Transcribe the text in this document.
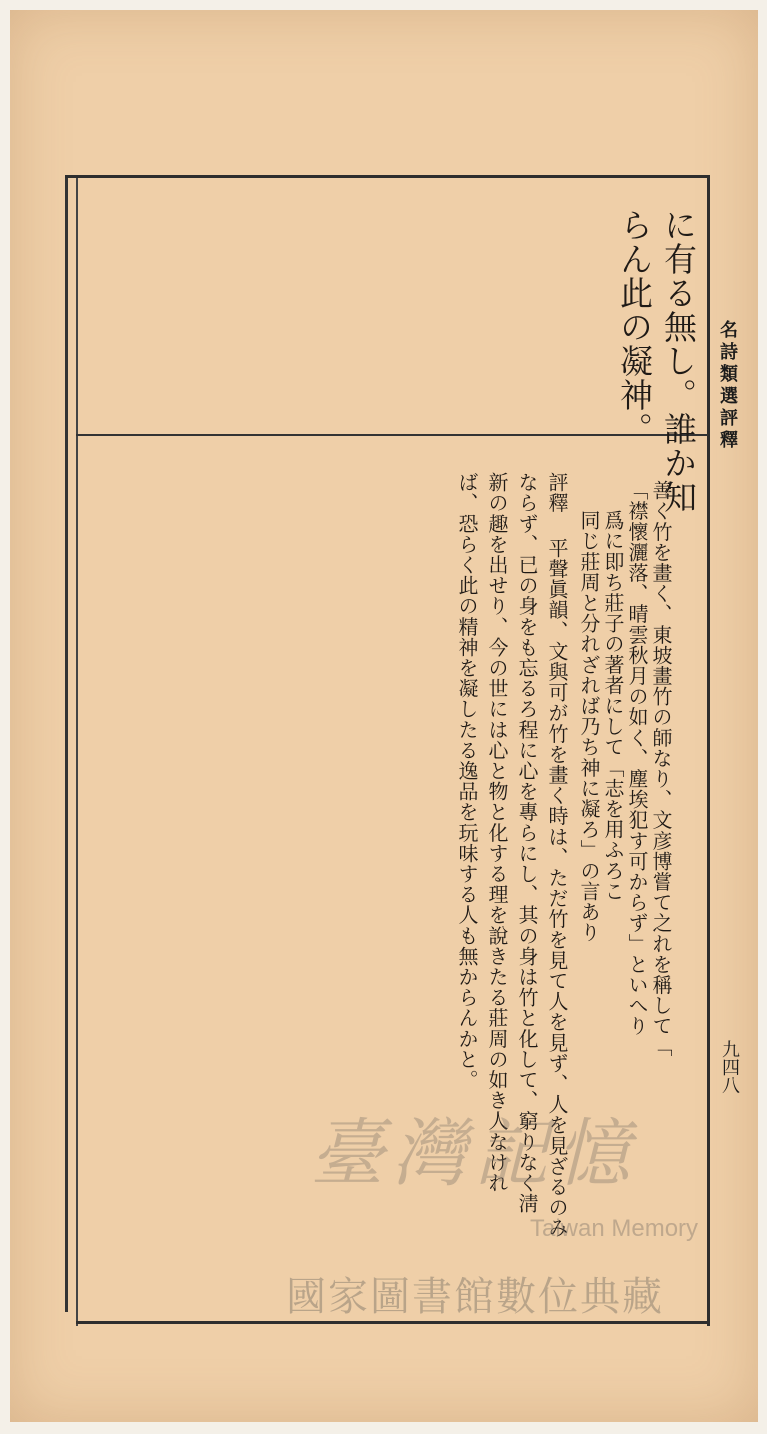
名詩類選評釋
九四八
に有る無し。誰か知
らん此の凝神。
善く竹を畫く、東坡畫竹の師なり、文彦博嘗て之れを稱して「
「襟懷灑落、晴雲秋月の如く、塵埃犯す可からず」といへり
爲に即ち莊子の著者にして「志を用ふろこ
同じ莊周と分れざれば乃ち神に凝ろ」の言あり
評釋 平聲眞韻、文與可が竹を畫く時は、ただ竹を見て人を見ず、人を見ざるのみ
ならず、已の身をも忘るろ程に心を專らにし、其の身は竹と化して、窮りなく淸
新の趣を出せり、今の世には心と物と化する理を說きたる莊周の如き人なけれ
ば、恐らく此の精神を凝したる逸品を玩味する人も無からんかと。
臺灣記憶
Taiwan Memory
國家圖書館數位典藏
